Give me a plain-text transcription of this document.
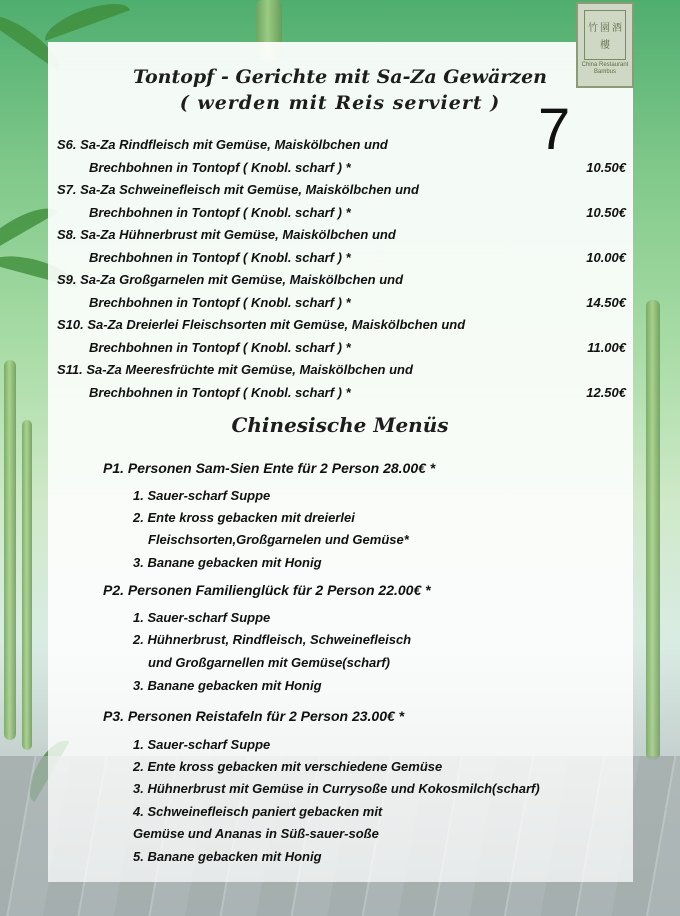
竹 園 酒
樓
China Restaurant
Bambus
Tontopf - Gerichte mit Sa-Za Gewärzen
( werden mit Reis serviert ) 7
S6. Sa-Za Rindfleisch mit Gemüse, Maiskölbchen und
Brechbohnen in Tontopf ( Knobl. scharf ) *	10.50€
S7. Sa-Za Schweinefleisch mit Gemüse, Maiskölbchen und
Brechbohnen in Tontopf ( Knobl. scharf ) *	10.50€
S8. Sa-Za Hühnerbrust mit Gemüse, Maiskölbchen und
Brechbohnen in Tontopf ( Knobl. scharf ) *	10.00€
S9. Sa-Za Großgarnelen mit Gemüse, Maiskölbchen und
Brechbohnen in Tontopf ( Knobl. scharf ) *	14.50€
S10. Sa-Za Dreierlei Fleischsorten mit Gemüse, Maiskölbchen und
Brechbohnen in Tontopf ( Knobl. scharf ) *	11.00€
S11. Sa-Za Meeresfrüchte mit Gemüse, Maiskölbchen und
Brechbohnen in Tontopf ( Knobl. scharf ) *	12.50€
Chinesische Menüs
P1. Personen Sam-Sien Ente für 2 Person 28.00€ *
1. Sauer-scharf Suppe
2. Ente kross gebacken mit dreierlei
Fleischsorten,Großgarnelen und Gemüse*
3. Banane gebacken mit Honig
P2. Personen Familienglück für 2 Person 22.00€ *
1. Sauer-scharf Suppe
2. Hühnerbrust, Rindfleisch, Schweinefleisch
und Großgarnellen mit Gemüse(scharf)
3. Banane gebacken mit Honig
P3. Personen Reistafeln für 2 Person 23.00€ *
1. Sauer-scharf Suppe
2. Ente kross gebacken mit verschiedene Gemüse
3. Hühnerbrust mit Gemüse in Currysoße und Kokosmilch(scharf)
4. Schweinefleisch paniert gebacken mit
Gemüse und Ananas in Süß-sauer-soße
5. Banane gebacken mit Honig
